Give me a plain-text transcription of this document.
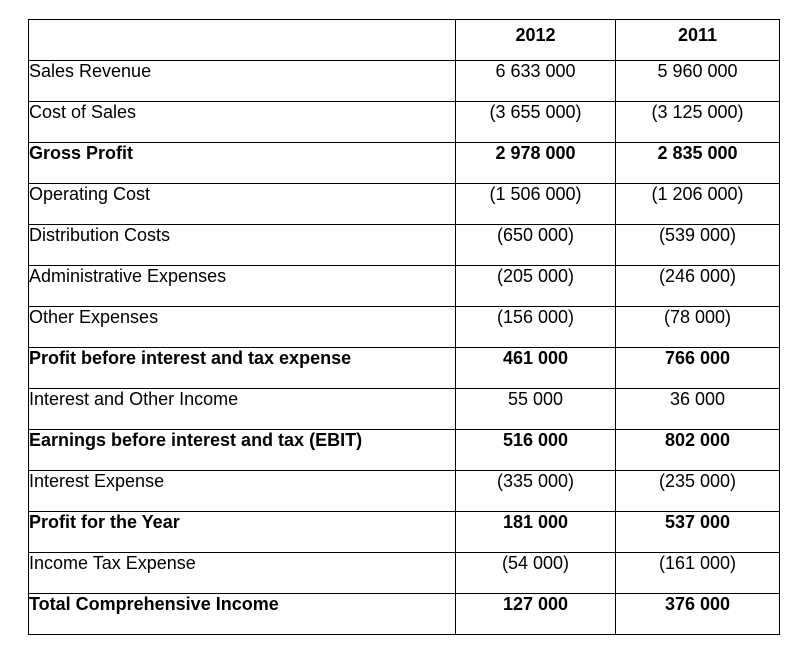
	2012	2011
Sales Revenue	6 633 000	5 960 000
Cost of Sales	(3 655 000)	(3 125 000)
Gross Profit	2 978 000	2 835 000
Operating Cost	(1 506 000)	(1 206 000)
Distribution Costs	(650 000)	(539 000)
Administrative Expenses	(205 000)	(246 000)
Other Expenses	(156 000)	(78 000)
Profit before interest and tax expense	461 000	766 000
Interest and Other Income	55 000	36 000
Earnings before interest and tax (EBIT)	516 000	802 000
Interest Expense	(335 000)	(235 000)
Profit for the Year	181 000	537 000
Income Tax Expense	(54 000)	(161 000)
Total Comprehensive Income	127 000	376 000
